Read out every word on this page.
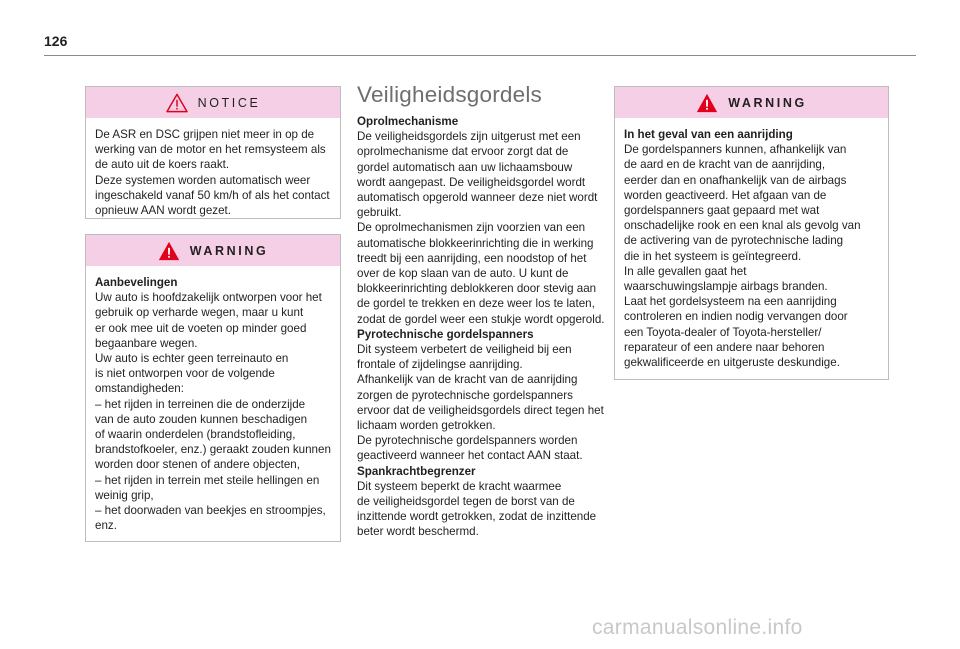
126
NOTICE

De ASR en DSC grijpen niet meer in op de
werking van de motor en het remsysteem als
de auto uit de koers raakt.
Deze systemen worden automatisch weer
ingeschakeld vanaf 50 km/h of als het contact
opnieuw AAN wordt gezet.

WARNING

Aanbevelingen

Uw auto is hoofdzakelijk ontworpen voor het
gebruik op verharde wegen, maar u kunt
er ook mee uit de voeten op minder goed
begaanbare wegen.
Uw auto is echter geen terreinauto en
is niet ontworpen voor de volgende
omstandigheden:
– het rijden in terreinen die de onderzijde
van de auto zouden kunnen beschadigen
of waarin onderdelen (brandstofleiding,
brandstofkoeler, enz.) geraakt zouden kunnen
worden door stenen of andere objecten,
– het rijden in terrein met steile hellingen en
weinig grip,
– het doorwaden van beekjes en stroompjes,
enz.

Veiligheidsgordels

Oprolmechanisme

De veiligheidsgordels zijn uitgerust met een
oprolmechanisme dat ervoor zorgt dat de
gordel automatisch aan uw lichaamsbouw
wordt aangepast. De veiligheidsgordel wordt
automatisch opgerold wanneer deze niet wordt
gebruikt.
De oprolmechanismen zijn voorzien van een
automatische blokkeerinrichting die in werking
treedt bij een aanrijding, een noodstop of het
over de kop slaan van de auto. U kunt de
blokkeerinrichting deblokkeren door stevig aan
de gordel te trekken en deze weer los te laten,
zodat de gordel weer een stukje wordt opgerold.

Pyrotechnische gordelspanners

Dit systeem verbetert de veiligheid bij een
frontale of zijdelingse aanrijding.
Afhankelijk van de kracht van de aanrijding
zorgen de pyrotechnische gordelspanners
ervoor dat de veiligheidsgordels direct tegen het
lichaam worden getrokken.
De pyrotechnische gordelspanners worden
geactiveerd wanneer het contact AAN staat.

Spankrachtbegrenzer

Dit systeem beperkt de kracht waarmee
de veiligheidsgordel tegen de borst van de
inzittende wordt getrokken, zodat de inzittende
beter wordt beschermd.

WARNING

In het geval van een aanrijding

De gordelspanners kunnen, afhankelijk van
de aard en de kracht van de aanrijding,
eerder dan en onafhankelijk van de airbags
worden geactiveerd. Het afgaan van de
gordelspanners gaat gepaard met wat
onschadelijke rook en een knal als gevolg van
de activering van de pyrotechnische lading
die in het systeem is geïntegreerd.
In alle gevallen gaat het
waarschuwingslampje airbags branden.
Laat het gordelsysteem na een aanrijding
controleren en indien nodig vervangen door
een Toyota-dealer of Toyota-hersteller/
reparateur of een andere naar behoren
gekwalificeerde en uitgeruste deskundige.

carmanualsonline.info
